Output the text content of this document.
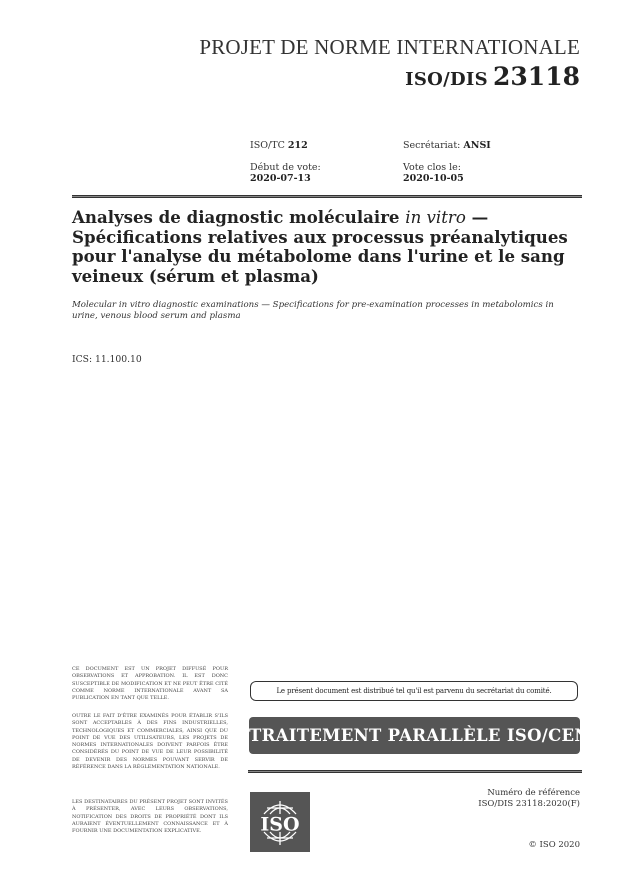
PROJET DE NORME INTERNATIONALE
ISO/DIS 23118
ISO/TC 212	Secrétariat: ANSI
Début de vote:
2020-07-13
Vote clos le:
2020-10-05
Analyses de diagnostic moléculaire in vitro — Spécifications relatives aux processus préanalytiques pour l'analyse du métabolome dans l'urine et le sang veineux (sérum et plasma)
Molecular in vitro diagnostic examinations — Specifications for pre-examination processes in metabolomics in urine, venous blood serum and plasma
ICS: 11.100.10
CE DOCUMENT EST UN PROJET DIFFUSÉ POUR OBSERVATIONS ET APPROBATION. IL EST DONC SUSCEPTIBLE DE MODIFICATION ET NE PEUT ÊTRE CITÉ COMME NORME INTERNATIONALE AVANT SA PUBLICATION EN TANT QUE TELLE.
OUTRE LE FAIT D'ÊTRE EXAMINÉS POUR ÉTABLIR S'ILS SONT ACCEPTABLES À DES FINS INDUSTRIELLES, TECHNOLOGIQUES ET COMMERCIALES, AINSI QUE DU POINT DE VUE DES UTILISATEURS, LES PROJETS DE NORMES INTERNATIONALES DOIVENT PARFOIS ÊTRE CONSIDÉRÉS DU POINT DE VUE DE LEUR POSSIBILITÉ DE DEVENIR DES NORMES POUVANT SERVIR DE RÉFÉRENCE DANS LA RÉGLEMENTATION NATIONALE.
LES DESTINATAIRES DU PRÉSENT PROJET SONT INVITÉS À PRÉSENTER, AVEC LEURS OBSERVATIONS, NOTIFICATION DES DROITS DE PROPRIÉTÉ DONT ILS AURAIENT ÉVENTUELLEMENT CONNAISSANCE ET À FOURNIR UNE DOCUMENTATION EXPLICATIVE.
Le présent document est distribué tel qu'il est parvenu du secrétariat du comité.
TRAITEMENT PARALLÈLE ISO/CEN
ISO
Numéro de référence
ISO/DIS 23118:2020(F)
© ISO 2020
